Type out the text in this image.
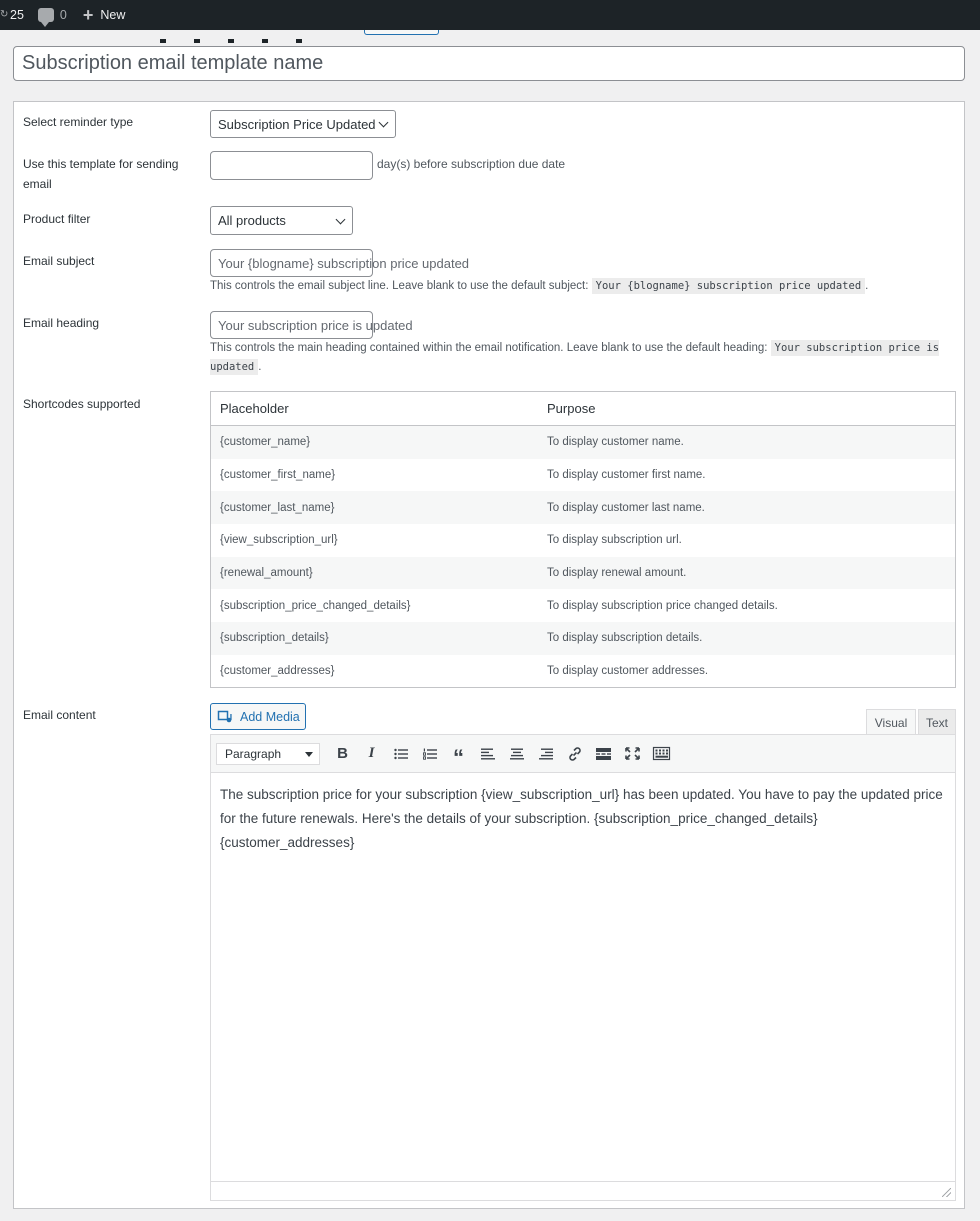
↻ 25	0 + New
Subscription email template name
Select reminder type	Subscription Price Updated
Use this template for sending email
day(s) before subscription due date
Product filter	All products
Email subject	Your {blogname} subscription price updated
This controls the email subject line. Leave blank to use the default subject: Your {blogname} subscription price updated .
Email heading	Your subscription price is updated
This controls the main heading contained within the email notification. Leave blank to use the default heading: Your subscription price is updated .
Shortcodes supported	Placeholder	Purpose
{customer_name}	To display customer name.
{customer_first_name}	To display customer first name.
{customer_last_name}	To display customer last name.
{view_subscription_url}	To display subscription url.
{renewal_amount}	To display renewal amount.
{subscription_price_changed_details}	To display subscription price changed details.
{subscription_details}	To display subscription details.
{customer_addresses}	To display customer addresses.
Email content	Add Media	Visual	Text
Paragraph	B I	“
The subscription price for your subscription {view_subscription_url} has been updated. You have to pay the updated price for the future renewals. Here's the details of your subscription. {subscription_price_changed_details} {customer_addresses}
